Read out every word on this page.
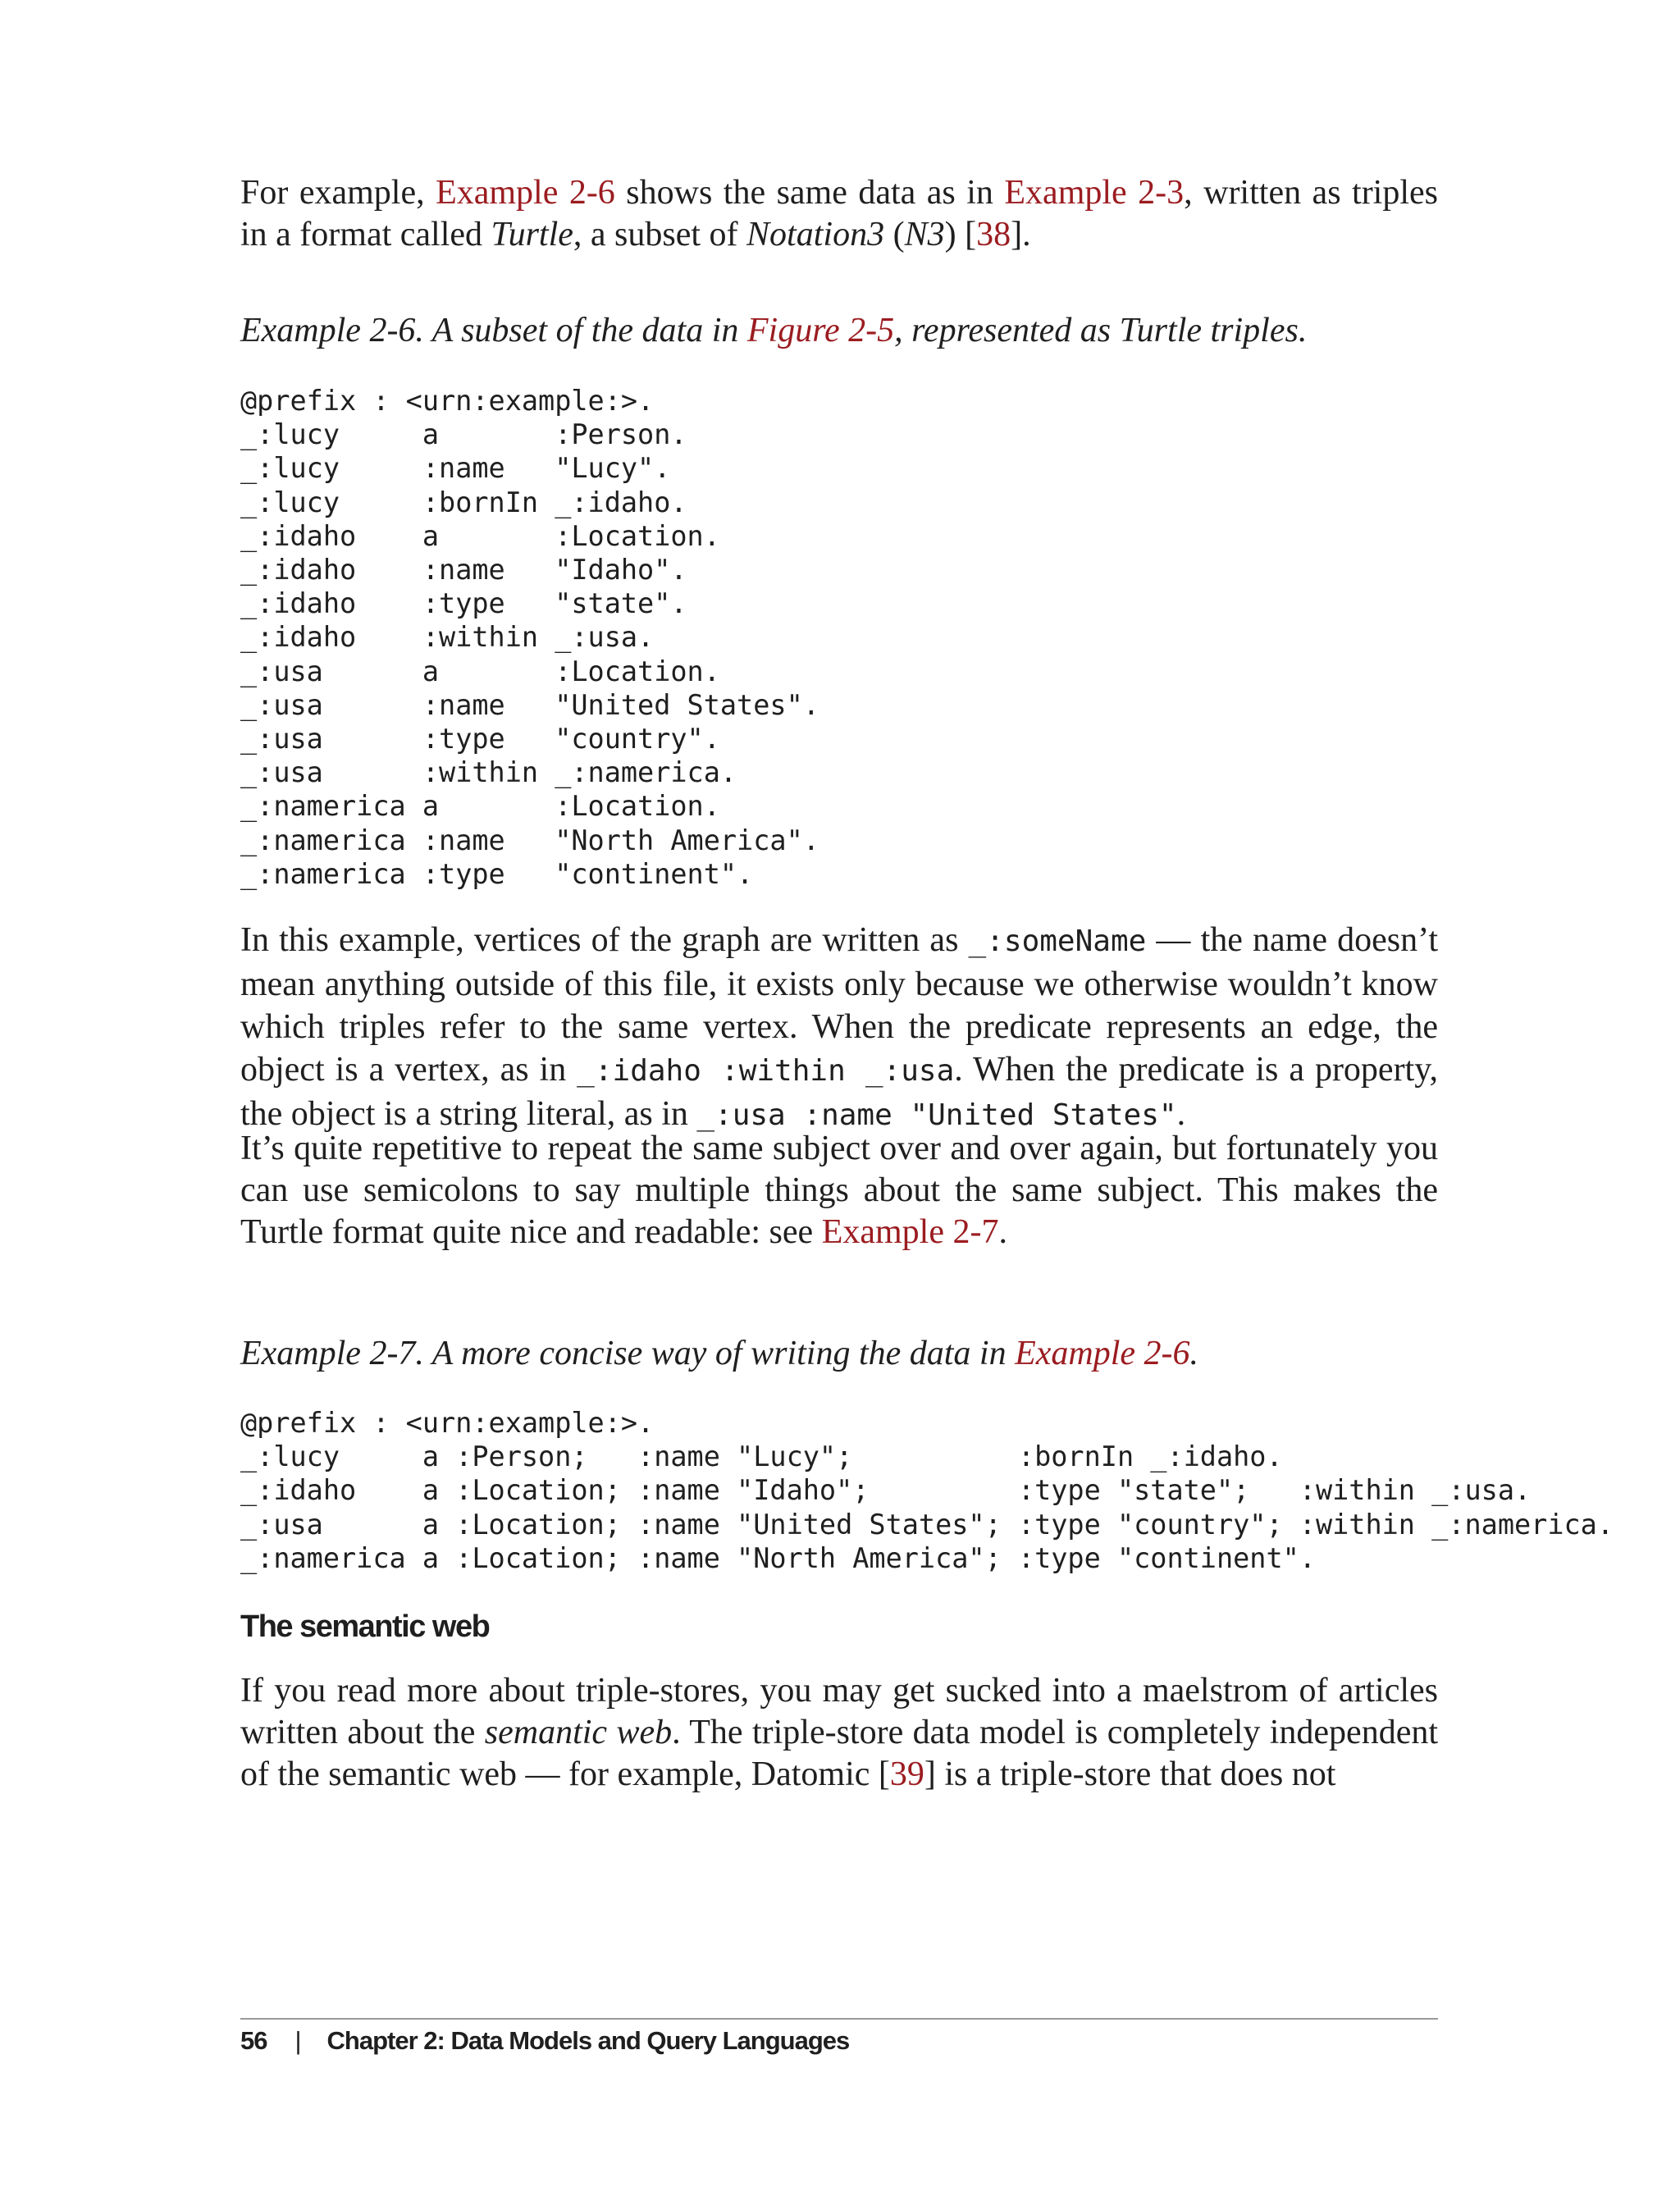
For example, Example 2-6 shows the same data as in Example 2-3, written as triples in a format called Turtle, a subset of Notation3 (N3) [38].

Example 2-6. A subset of the data in Figure 2-5, represented as Turtle triples.

@prefix : <urn:example:>.
_:lucy     a       :Person.
_:lucy     :name   "Lucy".
_:lucy     :bornIn _:idaho.
_:idaho    a       :Location.
_:idaho    :name   "Idaho".
_:idaho    :type   "state".
_:idaho    :within _:usa.
_:usa      a       :Location.
_:usa      :name   "United States".
_:usa      :type   "country".
_:usa      :within _:namerica.
_:namerica a       :Location.
_:namerica :name   "North America".
_:namerica :type   "continent".

In this example, vertices of the graph are written as _:someName — the name doesn’t mean anything outside of this file, it exists only because we otherwise wouldn’t know which triples refer to the same vertex. When the predicate represents an edge, the object is a vertex, as in _:idaho :within _:usa. When the predicate is a property, the object is a string literal, as in _:usa :name "United States".

It’s quite repetitive to repeat the same subject over and over again, but fortunately you can use semicolons to say multiple things about the same subject. This makes the Turtle format quite nice and readable: see Example 2-7.

Example 2-7. A more concise way of writing the data in Example 2-6.

@prefix : <urn:example:>.
_:lucy     a :Person;   :name "Lucy";          :bornIn _:idaho.
_:idaho    a :Location; :name "Idaho";         :type "state";   :within _:usa.
_:usa      a :Location; :name "United States"; :type "country"; :within _:namerica.
_:namerica a :Location; :name "North America"; :type "continent".
The semantic web

If you read more about triple-stores, you may get sucked into a maelstrom of articles written about the semantic web. The triple-store data model is completely independent of the semantic web — for example, Datomic [39] is a triple-store that does not

56 | Chapter 2: Data Models and Query Languages
